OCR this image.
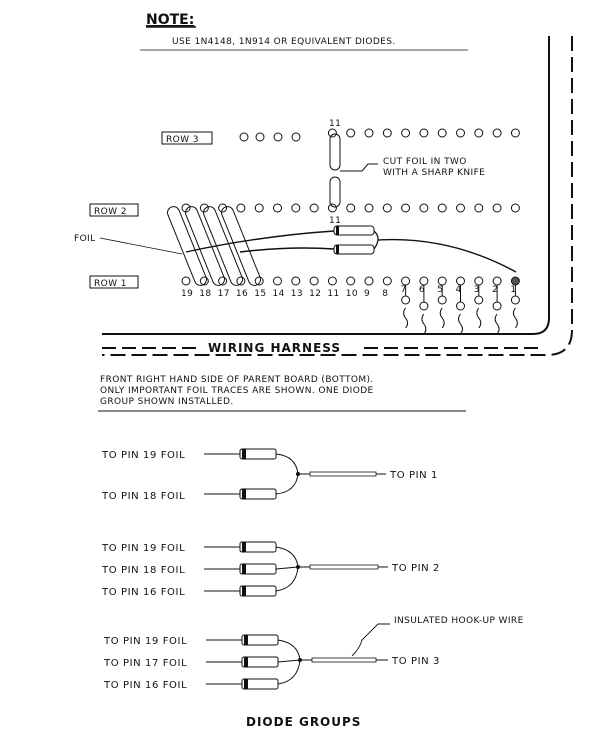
NOTE:
USE 1N4148, 1N914 OR EQUIVALENT DIODES.
ROW 3
ROW 2
ROW 1
11
11
CUT FOIL IN TWO
WITH A SHARP KNIFE
FOIL
19 18 17 16 15 14 13 12 11 10 9 8 7 6 5 4 3 2 1
WIRING HARNESS
FRONT RIGHT HAND SIDE OF PARENT BOARD (BOTTOM).
ONLY IMPORTANT FOIL TRACES ARE SHOWN. ONE DIODE
GROUP SHOWN INSTALLED.
TO PIN 19 FOIL
TO PIN 18 FOIL
TO PIN 1
TO PIN 19 FOIL
TO PIN 18 FOIL
TO PIN 16 FOIL
TO PIN 2
TO PIN 19 FOIL
TO PIN 17 FOIL
TO PIN 16 FOIL
TO PIN 3
INSULATED HOOK-UP WIRE
DIODE GROUPS
